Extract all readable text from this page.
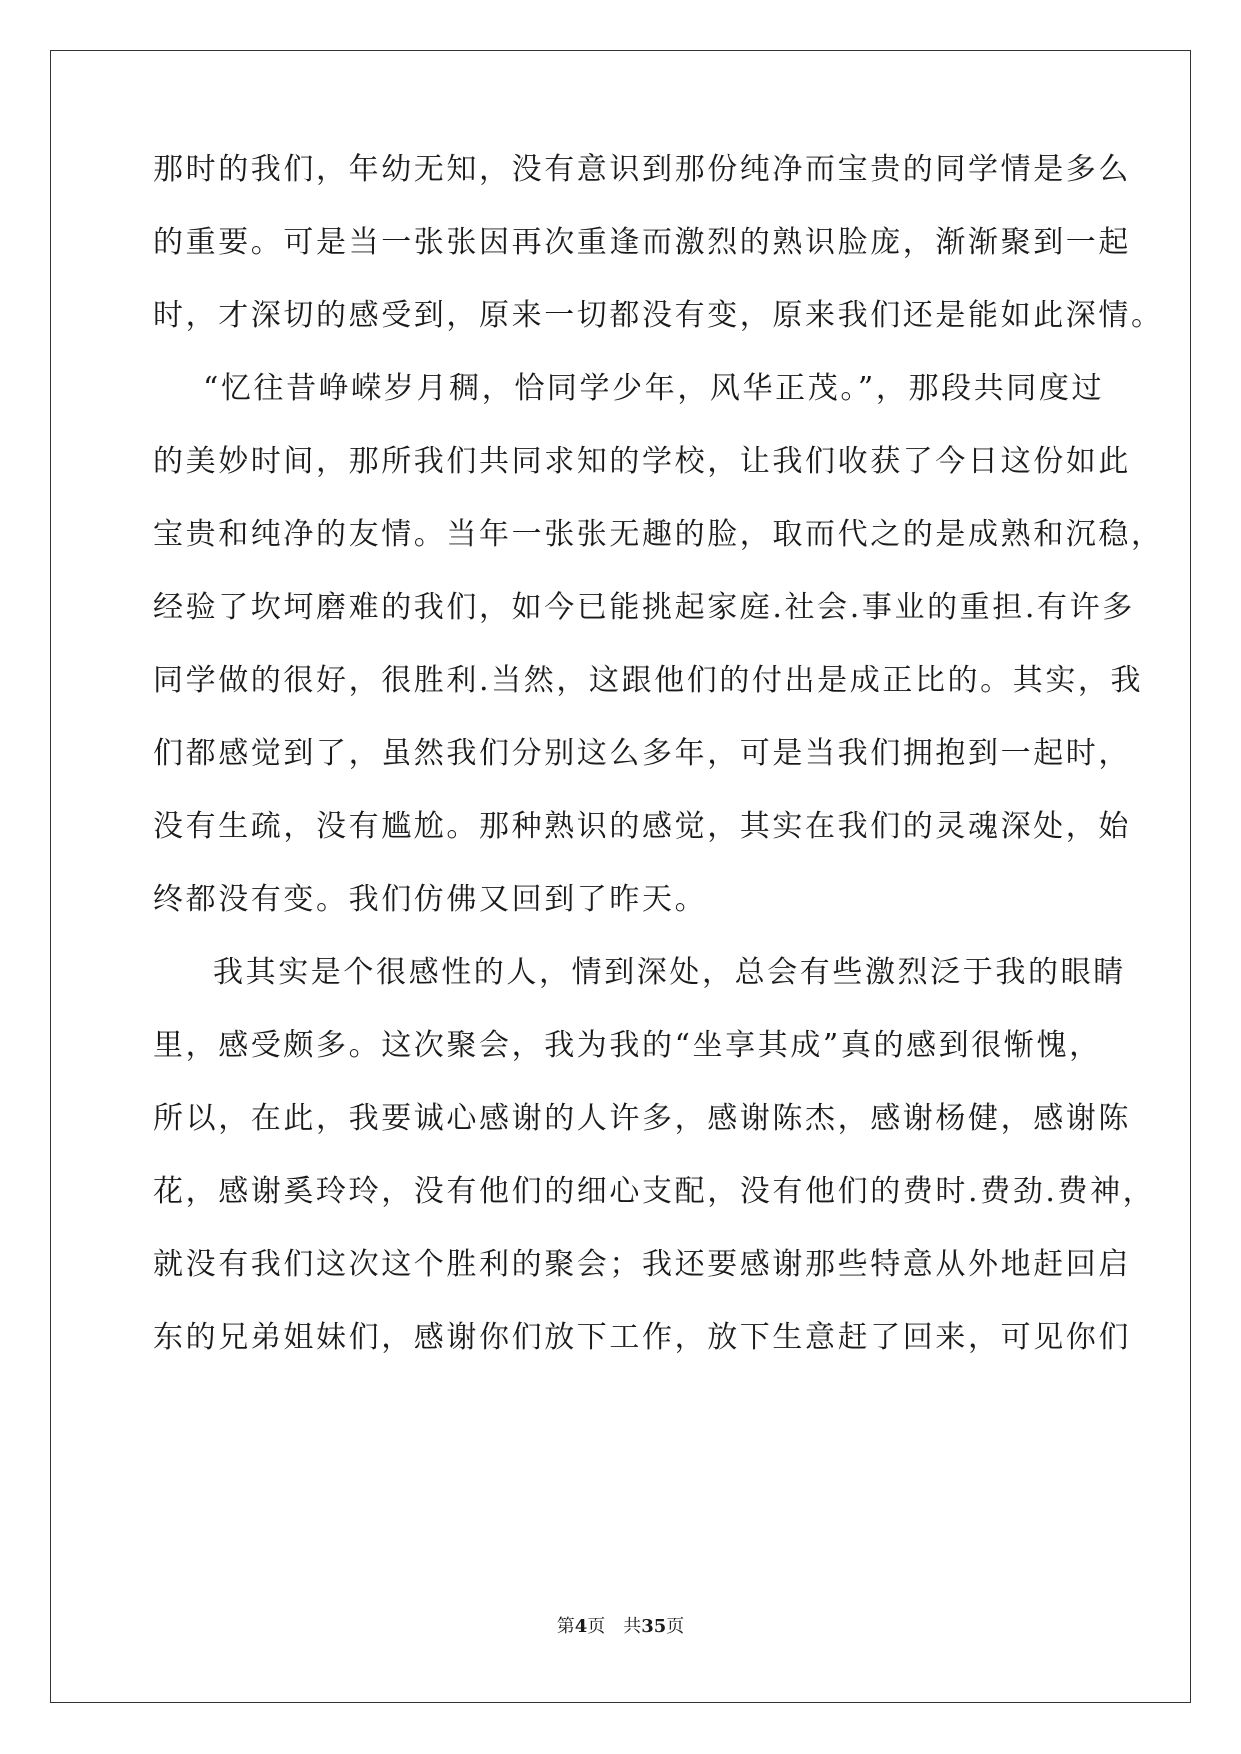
那时的我们，年幼无知，没有意识到那份纯净而宝贵的同学情是多么
的重要。可是当一张张因再次重逢而激烈的熟识脸庞，渐渐聚到一起
时，才深切的感受到，原来一切都没有变，原来我们还是能如此深情。
“忆往昔峥嵘岁月稠，恰同学少年，风华正茂。”，那段共同度过
的美妙时间，那所我们共同求知的学校，让我们收获了今日这份如此
宝贵和纯净的友情。当年一张张无趣的脸，取而代之的是成熟和沉稳，
经验了坎坷磨难的我们，如今已能挑起家庭.社会.事业的重担.有许多
同学做的很好，很胜利.当然，这跟他们的付出是成正比的。其实，我
们都感觉到了，虽然我们分别这么多年，可是当我们拥抱到一起时，
没有生疏，没有尴尬。那种熟识的感觉，其实在我们的灵魂深处，始
终都没有变。我们仿佛又回到了昨天。
我其实是个很感性的人，情到深处，总会有些激烈泛于我的眼睛
里，感受颇多。这次聚会，我为我的“坐享其成”真的感到很惭愧，
所以，在此，我要诚心感谢的人许多，感谢陈杰，感谢杨健，感谢陈
花，感谢奚玲玲，没有他们的细心支配，没有他们的费时.费劲.费神，
就没有我们这次这个胜利的聚会；我还要感谢那些特意从外地赶回启
东的兄弟姐妹们，感谢你们放下工作，放下生意赶了回来，可见你们
第4页 共35页
